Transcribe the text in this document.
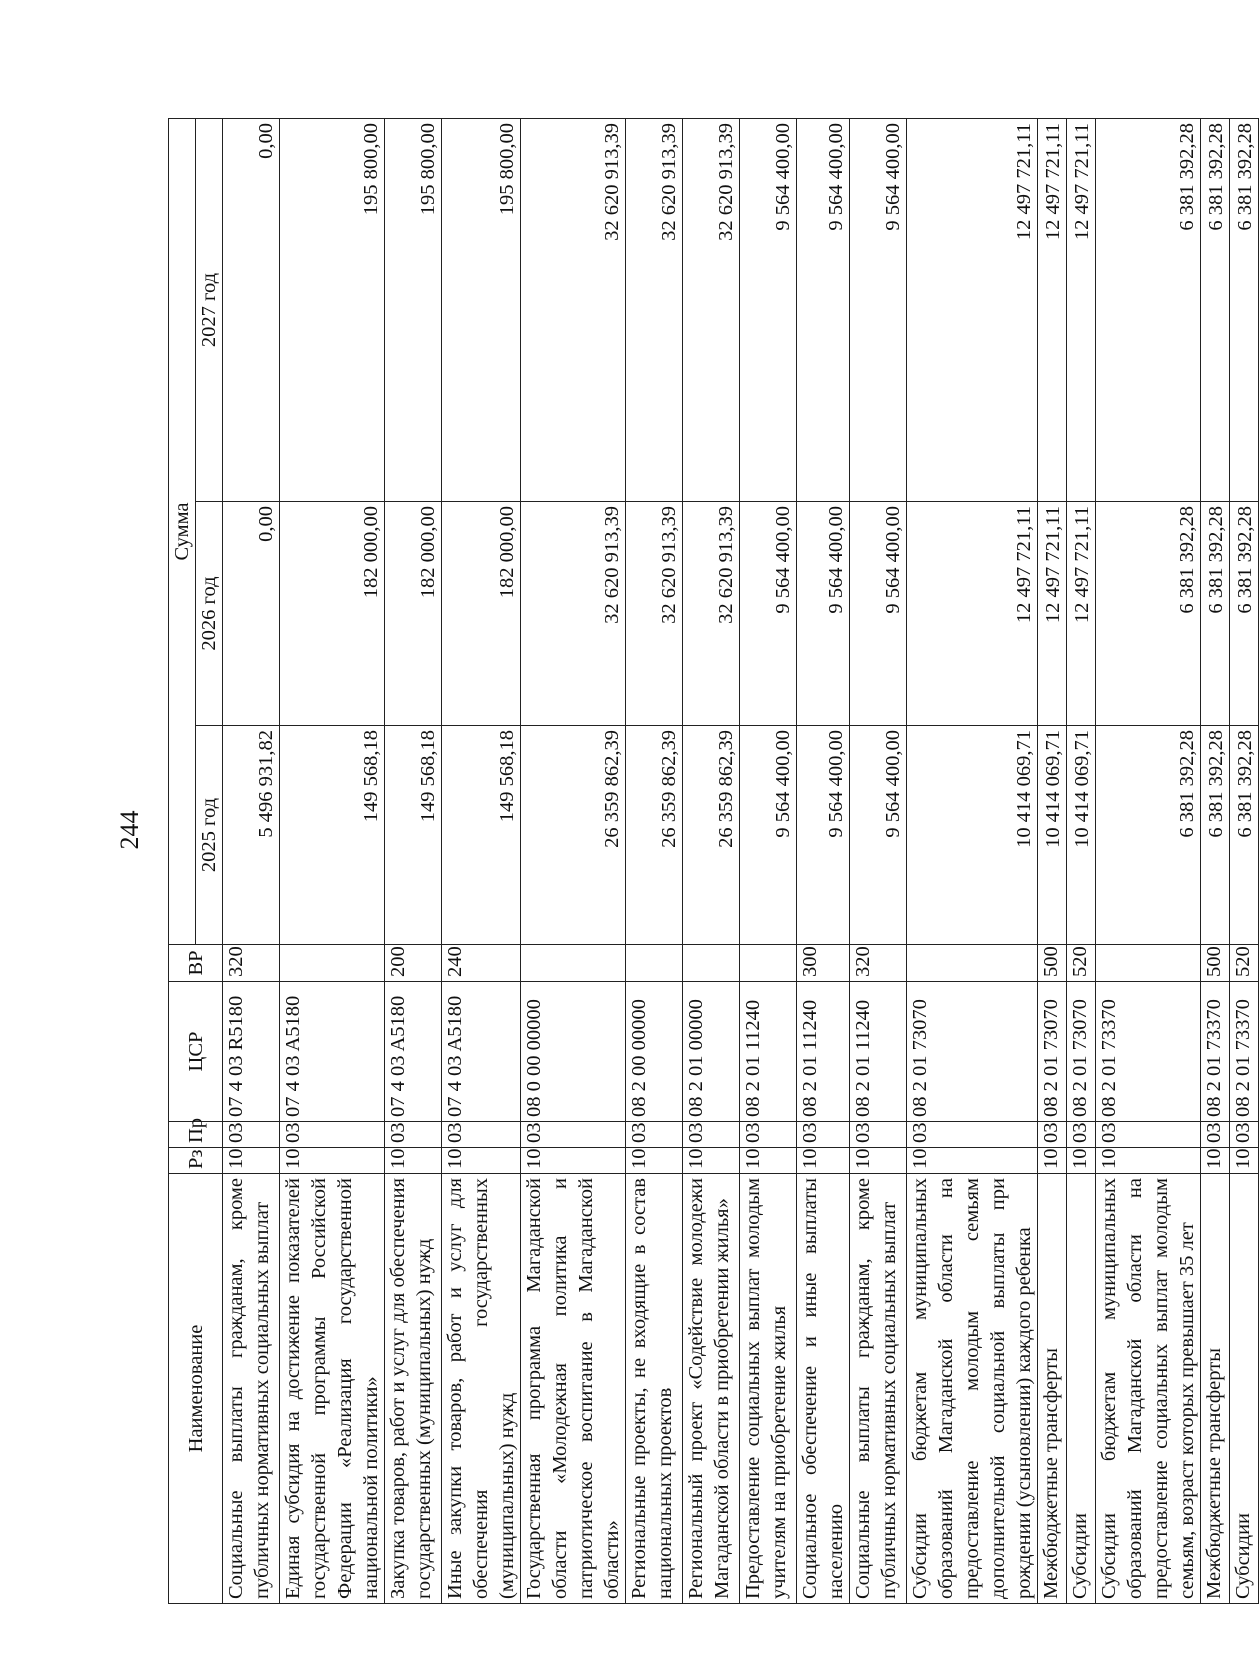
244
Наименование	Рз	Пр	ЦСР	ВР	Сумма		
					2025 год	2026 год	2027 год
Социальные выплаты гражданам, кроме публичных нормативных социальных выплат	10	03	07 4 03 R5180	320	5 496 931,82	0,00	0,00
Единая субсидия на достижение показателей государственной программы Российской Федерации «Реализация государственной национальной политики»	10	03	07 4 03 A5180		149 568,18	182 000,00	195 800,00
Закупка товаров, работ и услуг для обеспечения государственных (муниципальных) нужд	10	03	07 4 03 A5180	200	149 568,18	182 000,00	195 800,00
Иные закупки товаров, работ и услуг для обеспечения государственных (муниципальных) нужд	10	03	07 4 03 A5180	240	149 568,18	182 000,00	195 800,00
Государственная программа Магаданской области «Молодежная политика и патриотическое воспитание в Магаданской области»	10	03	08 0 00 00000		26 359 862,39	32 620 913,39	32 620 913,39
Региональные проекты, не входящие в состав национальных проектов	10	03	08 2 00 00000		26 359 862,39	32 620 913,39	32 620 913,39
Региональный проект «Содействие молодежи Магаданской области в приобретении жилья»	10	03	08 2 01 00000		26 359 862,39	32 620 913,39	32 620 913,39
Предоставление социальных выплат молодым учителям на приобретение жилья	10	03	08 2 01 11240		9 564 400,00	9 564 400,00	9 564 400,00
Социальное обеспечение и иные выплаты населению	10	03	08 2 01 11240	300	9 564 400,00	9 564 400,00	9 564 400,00
Социальные выплаты гражданам, кроме публичных нормативных социальных выплат	10	03	08 2 01 11240	320	9 564 400,00	9 564 400,00	9 564 400,00
Субсидии бюджетам муниципальных образований Магаданской области на предоставление молодым семьям дополнительной социальной выплаты при рождении (усыновлении) каждого ребенка	10	03	08 2 01 73070		10 414 069,71	12 497 721,11	12 497 721,11
Межбюджетные трансферты	10	03	08 2 01 73070	500	10 414 069,71	12 497 721,11	12 497 721,11
Субсидии	10	03	08 2 01 73070	520	10 414 069,71	12 497 721,11	12 497 721,11
Субсидии бюджетам муниципальных образований Магаданской области на предоставление социальных выплат молодым семьям, возраст которых превышает 35 лет	10	03	08 2 01 73370		6 381 392,28	6 381 392,28	6 381 392,28
Межбюджетные трансферты	10	03	08 2 01 73370	500	6 381 392,28	6 381 392,28	6 381 392,28
Субсидии	10	03	08 2 01 73370	520	6 381 392,28	6 381 392,28	6 381 392,28
